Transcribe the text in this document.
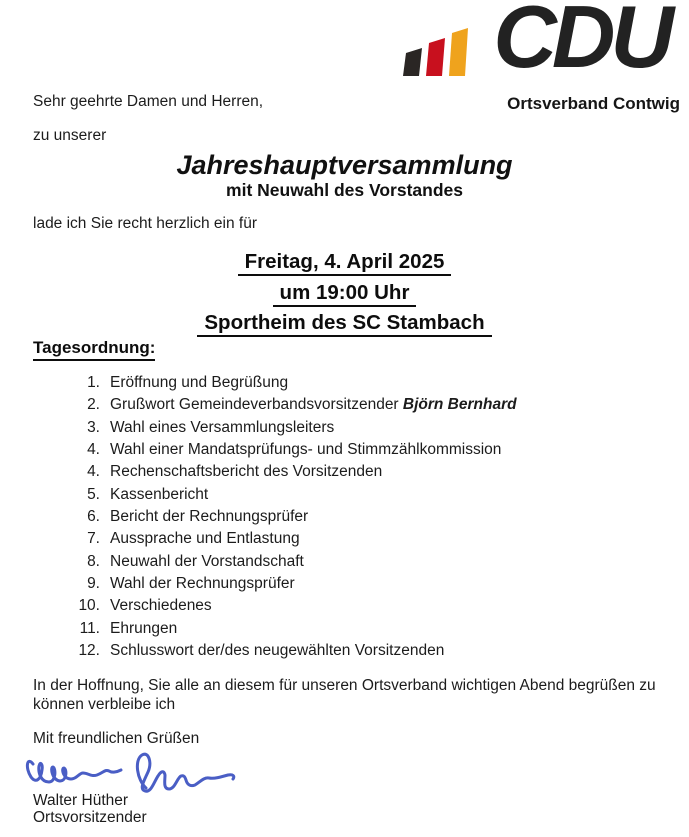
CDU
Ortsverband Contwig
Sehr geehrte Damen und Herren,
zu unserer
Jahreshauptversammlung
mit Neuwahl des Vorstandes
lade ich Sie recht herzlich ein für
Freitag, 4. April 2025
um 19:00 Uhr
Sportheim des SC Stambach
Tagesordnung:
1. Eröffnung und Begrüßung
2. Grußwort Gemeindeverbandsvorsitzender Björn Bernhard
3. Wahl eines Versammlungsleiters
4. Wahl einer Mandatsprüfungs- und Stimmzählkommission
4. Rechenschaftsbericht des Vorsitzenden
5. Kassenbericht
6. Bericht der Rechnungsprüfer
7. Aussprache und Entlastung
8. Neuwahl der Vorstandschaft
9. Wahl der Rechnungsprüfer
10. Verschiedenes
11. Ehrungen
12. Schlusswort der/des neugewählten Vorsitzenden
In der Hoffnung, Sie alle an diesem für unseren Ortsverband wichtigen Abend begrüßen zu können verbleibe ich
Mit freundlichen Grüßen
Walter Hüther
Ortsvorsitzender
